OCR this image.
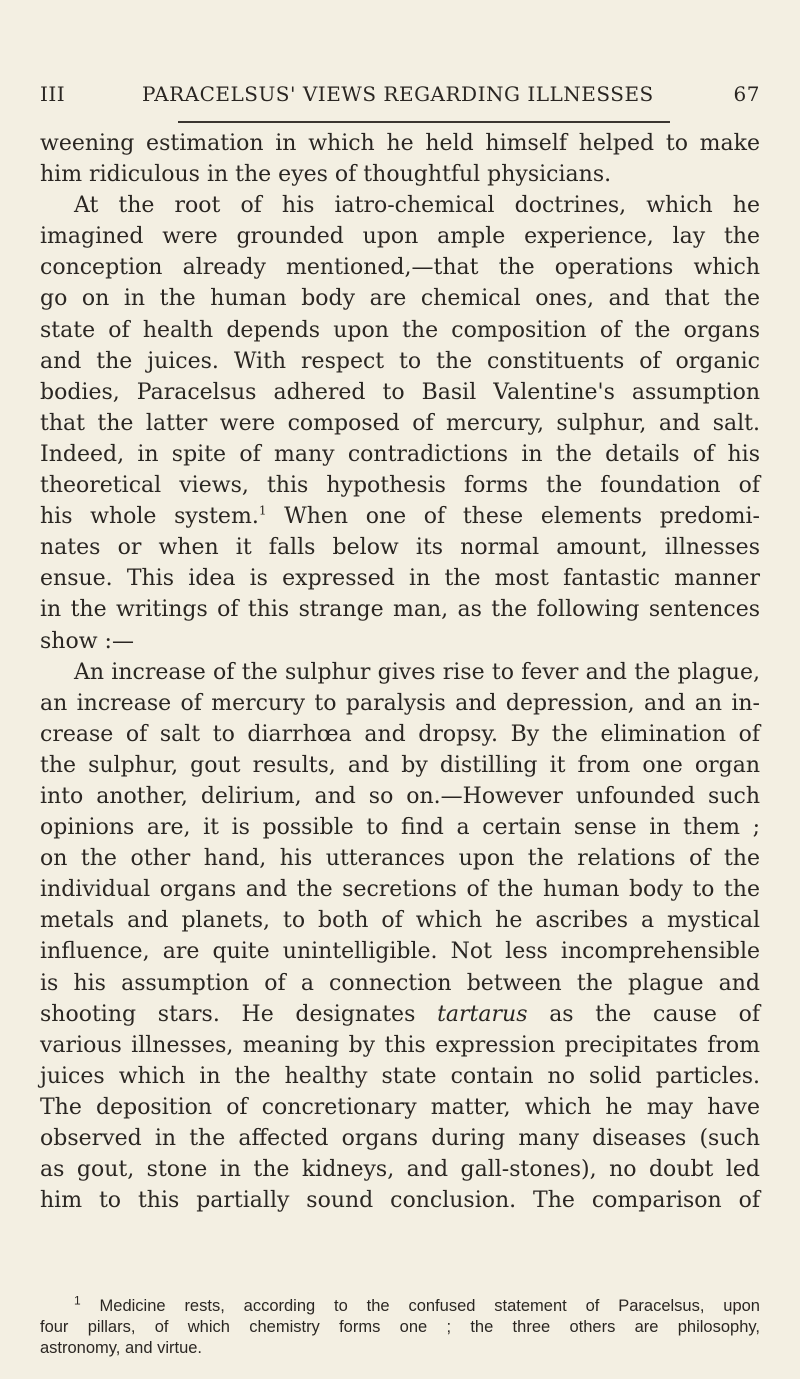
III	PARACELSUS' VIEWS REGARDING ILLNESSES	67
weening estimation in which he held himself helped to make
him ridiculous in the eyes of thoughtful physicians.
At the root of his iatro-chemical doctrines, which he
imagined were grounded upon ample experience, lay the
conception already mentioned,—that the operations which
go on in the human body are chemical ones, and that the
state of health depends upon the composition of the organs
and the juices. With respect to the constituents of organic
bodies, Paracelsus adhered to Basil Valentine's assumption
that the latter were composed of mercury, sulphur, and salt.
Indeed, in spite of many contradictions in the details of his
theoretical views, this hypothesis forms the foundation of
his whole system.$^1$ When one of these elements predomi-
nates or when it falls below its normal amount, illnesses
ensue. This idea is expressed in the most fantastic manner
in the writings of this strange man, as the following sentences
show :—
An increase of the sulphur gives rise to fever and the plague,
an increase of mercury to paralysis and depression, and an in-
crease of salt to diarrhœa and dropsy. By the elimination of
the sulphur, gout results, and by distilling it from one organ
into another, delirium, and so on.—However unfounded such
opinions are, it is possible to find a certain sense in them ;
on the other hand, his utterances upon the relations of the
individual organs and the secretions of the human body to the
metals and planets, to both of which he ascribes a mystical
influence, are quite unintelligible. Not less incomprehensible
is his assumption of a connection between the plague and
shooting stars. He designates tartarus as the cause of
various illnesses, meaning by this expression precipitates from
juices which in the healthy state contain no solid particles.
The deposition of concretionary matter, which he may have
observed in the affected organs during many diseases (such
as gout, stone in the kidneys, and gall-stones), no doubt led
him to this partially sound conclusion. The comparison of
$^1$ Medicine rests, according to the confused statement of Paracelsus, upon
four pillars, of which chemistry forms one ; the three others are philosophy,
astronomy, and virtue.
